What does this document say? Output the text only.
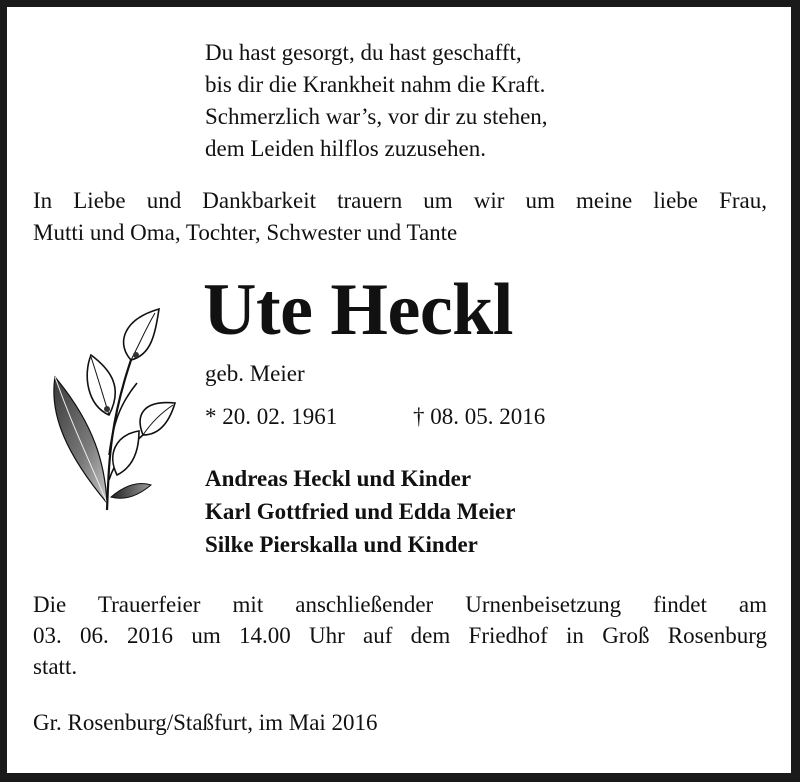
Du hast gesorgt, du hast geschafft,
bis dir die Krankheit nahm die Kraft.
Schmerzlich war’s, vor dir zu stehen,
dem Leiden hilflos zuzusehen.
In Liebe und Dankbarkeit trauern um wir um meine liebe Frau,
Mutti und Oma, Tochter, Schwester und Tante
Ute Heckl
geb. Meier
* 20. 02. 1961	† 08. 05. 2016
Andreas Heckl und Kinder
Karl Gottfried und Edda Meier
Silke Pierskalla und Kinder
Die Trauerfeier mit anschließender Urnenbeisetzung findet am
03. 06. 2016 um 14.00 Uhr auf dem Friedhof in Groß Rosenburg
statt.
Gr. Rosenburg/Staßfurt, im Mai 2016
